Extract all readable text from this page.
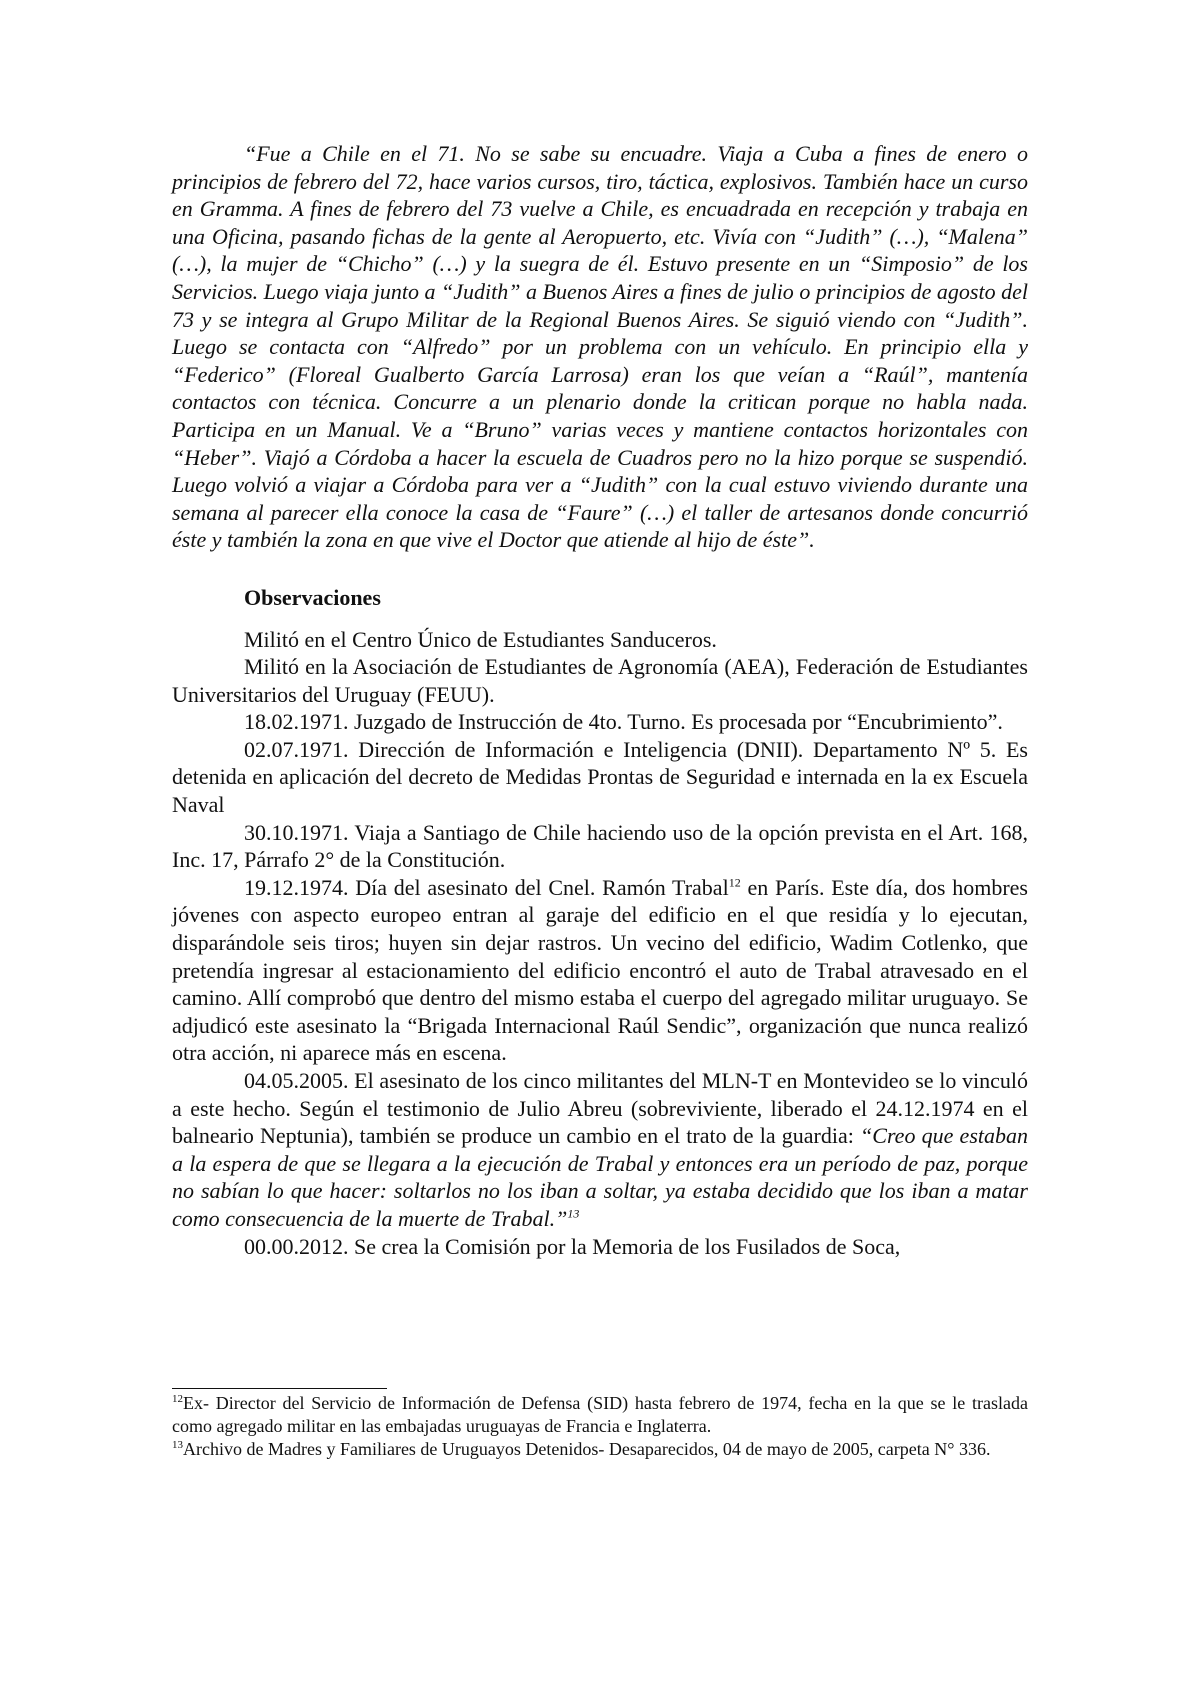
“Fue a Chile en el 71. No se sabe su encuadre. Viaja a Cuba a fines de enero o principios de febrero del 72, hace varios cursos, tiro, táctica, explosivos. También hace un curso en Gramma. A fines de febrero del 73 vuelve a Chile, es encuadrada en recepción y trabaja en una Oficina, pasando fichas de la gente al Aeropuerto, etc. Vivía con “Judith” (…), “Malena” (…), la mujer de “Chicho” (…) y la suegra de él. Estuvo presente en un “Simposio” de los Servicios. Luego viaja junto a “Judith” a Buenos Aires a fines de julio o principios de agosto del 73 y se integra al Grupo Militar de la Regional Buenos Aires. Se siguió viendo con “Judith”. Luego se contacta con “Alfredo” por un problema con un vehículo. En principio ella y “Federico” (Floreal Gualberto García Larrosa) eran los que veían a “Raúl”, mantenía contactos con técnica. Concurre a un plenario donde la critican porque no habla nada. Participa en un Manual. Ve a “Bruno” varias veces y mantiene contactos horizontales con “Heber”. Viajó a Córdoba a hacer la escuela de Cuadros pero no la hizo porque se suspendió. Luego volvió a viajar a Córdoba para ver a “Judith” con la cual estuvo viviendo durante una semana al parecer ella conoce la casa de “Faure” (…) el taller de artesanos donde concurrió éste y también la zona en que vive el Doctor que atiende al hijo de éste”.

Observaciones

Militó en el Centro Único de Estudiantes Sanduceros.

Militó en la Asociación de Estudiantes de Agronomía (AEA), Federación de Estudiantes Universitarios del Uruguay (FEUU).

18.02.1971. Juzgado de Instrucción de 4to. Turno. Es procesada por “Encubrimiento”.

02.07.1971. Dirección de Información e Inteligencia (DNII). Departamento Nº 5. Es detenida en aplicación del decreto de Medidas Prontas de Seguridad e internada en la ex Escuela Naval

30.10.1971. Viaja a Santiago de Chile haciendo uso de la opción prevista en el Art. 168, Inc. 17, Párrafo 2° de la Constitución.

19.12.1974. Día del asesinato del Cnel. Ramón Trabal$^{12}$ en París. Este día, dos hombres jóvenes con aspecto europeo entran al garaje del edificio en el que residía y lo ejecutan, disparándole seis tiros; huyen sin dejar rastros. Un vecino del edificio, Wadim Cotlenko, que pretendía ingresar al estacionamiento del edificio encontró el auto de Trabal atravesado en el camino. Allí comprobó que dentro del mismo estaba el cuerpo del agregado militar uruguayo. Se adjudicó este asesinato la “Brigada Internacional Raúl Sendic”, organización que nunca realizó otra acción, ni aparece más en escena.

04.05.2005. El asesinato de los cinco militantes del MLN-T en Montevideo se lo vinculó a este hecho. Según el testimonio de Julio Abreu (sobreviviente, liberado el 24.12.1974 en el balneario Neptunia), también se produce un cambio en el trato de la guardia: “Creo que estaban a la espera de que se llegara a la ejecución de Trabal y entonces era un período de paz, porque no sabían lo que hacer: soltarlos no los iban a soltar, ya estaba decidido que los iban a matar como consecuencia de la muerte de Trabal.”$^{13}$

00.00.2012. Se crea la Comisión por la Memoria de los Fusilados de Soca,

$^{12}$Ex- Director del Servicio de Información de Defensa (SID) hasta febrero de 1974, fecha en la que se le traslada como agregado militar en las embajadas uruguayas de Francia e Inglaterra.

$^{13}$Archivo de Madres y Familiares de Uruguayos Detenidos- Desaparecidos, 04 de mayo de 2005, carpeta N° 336.
